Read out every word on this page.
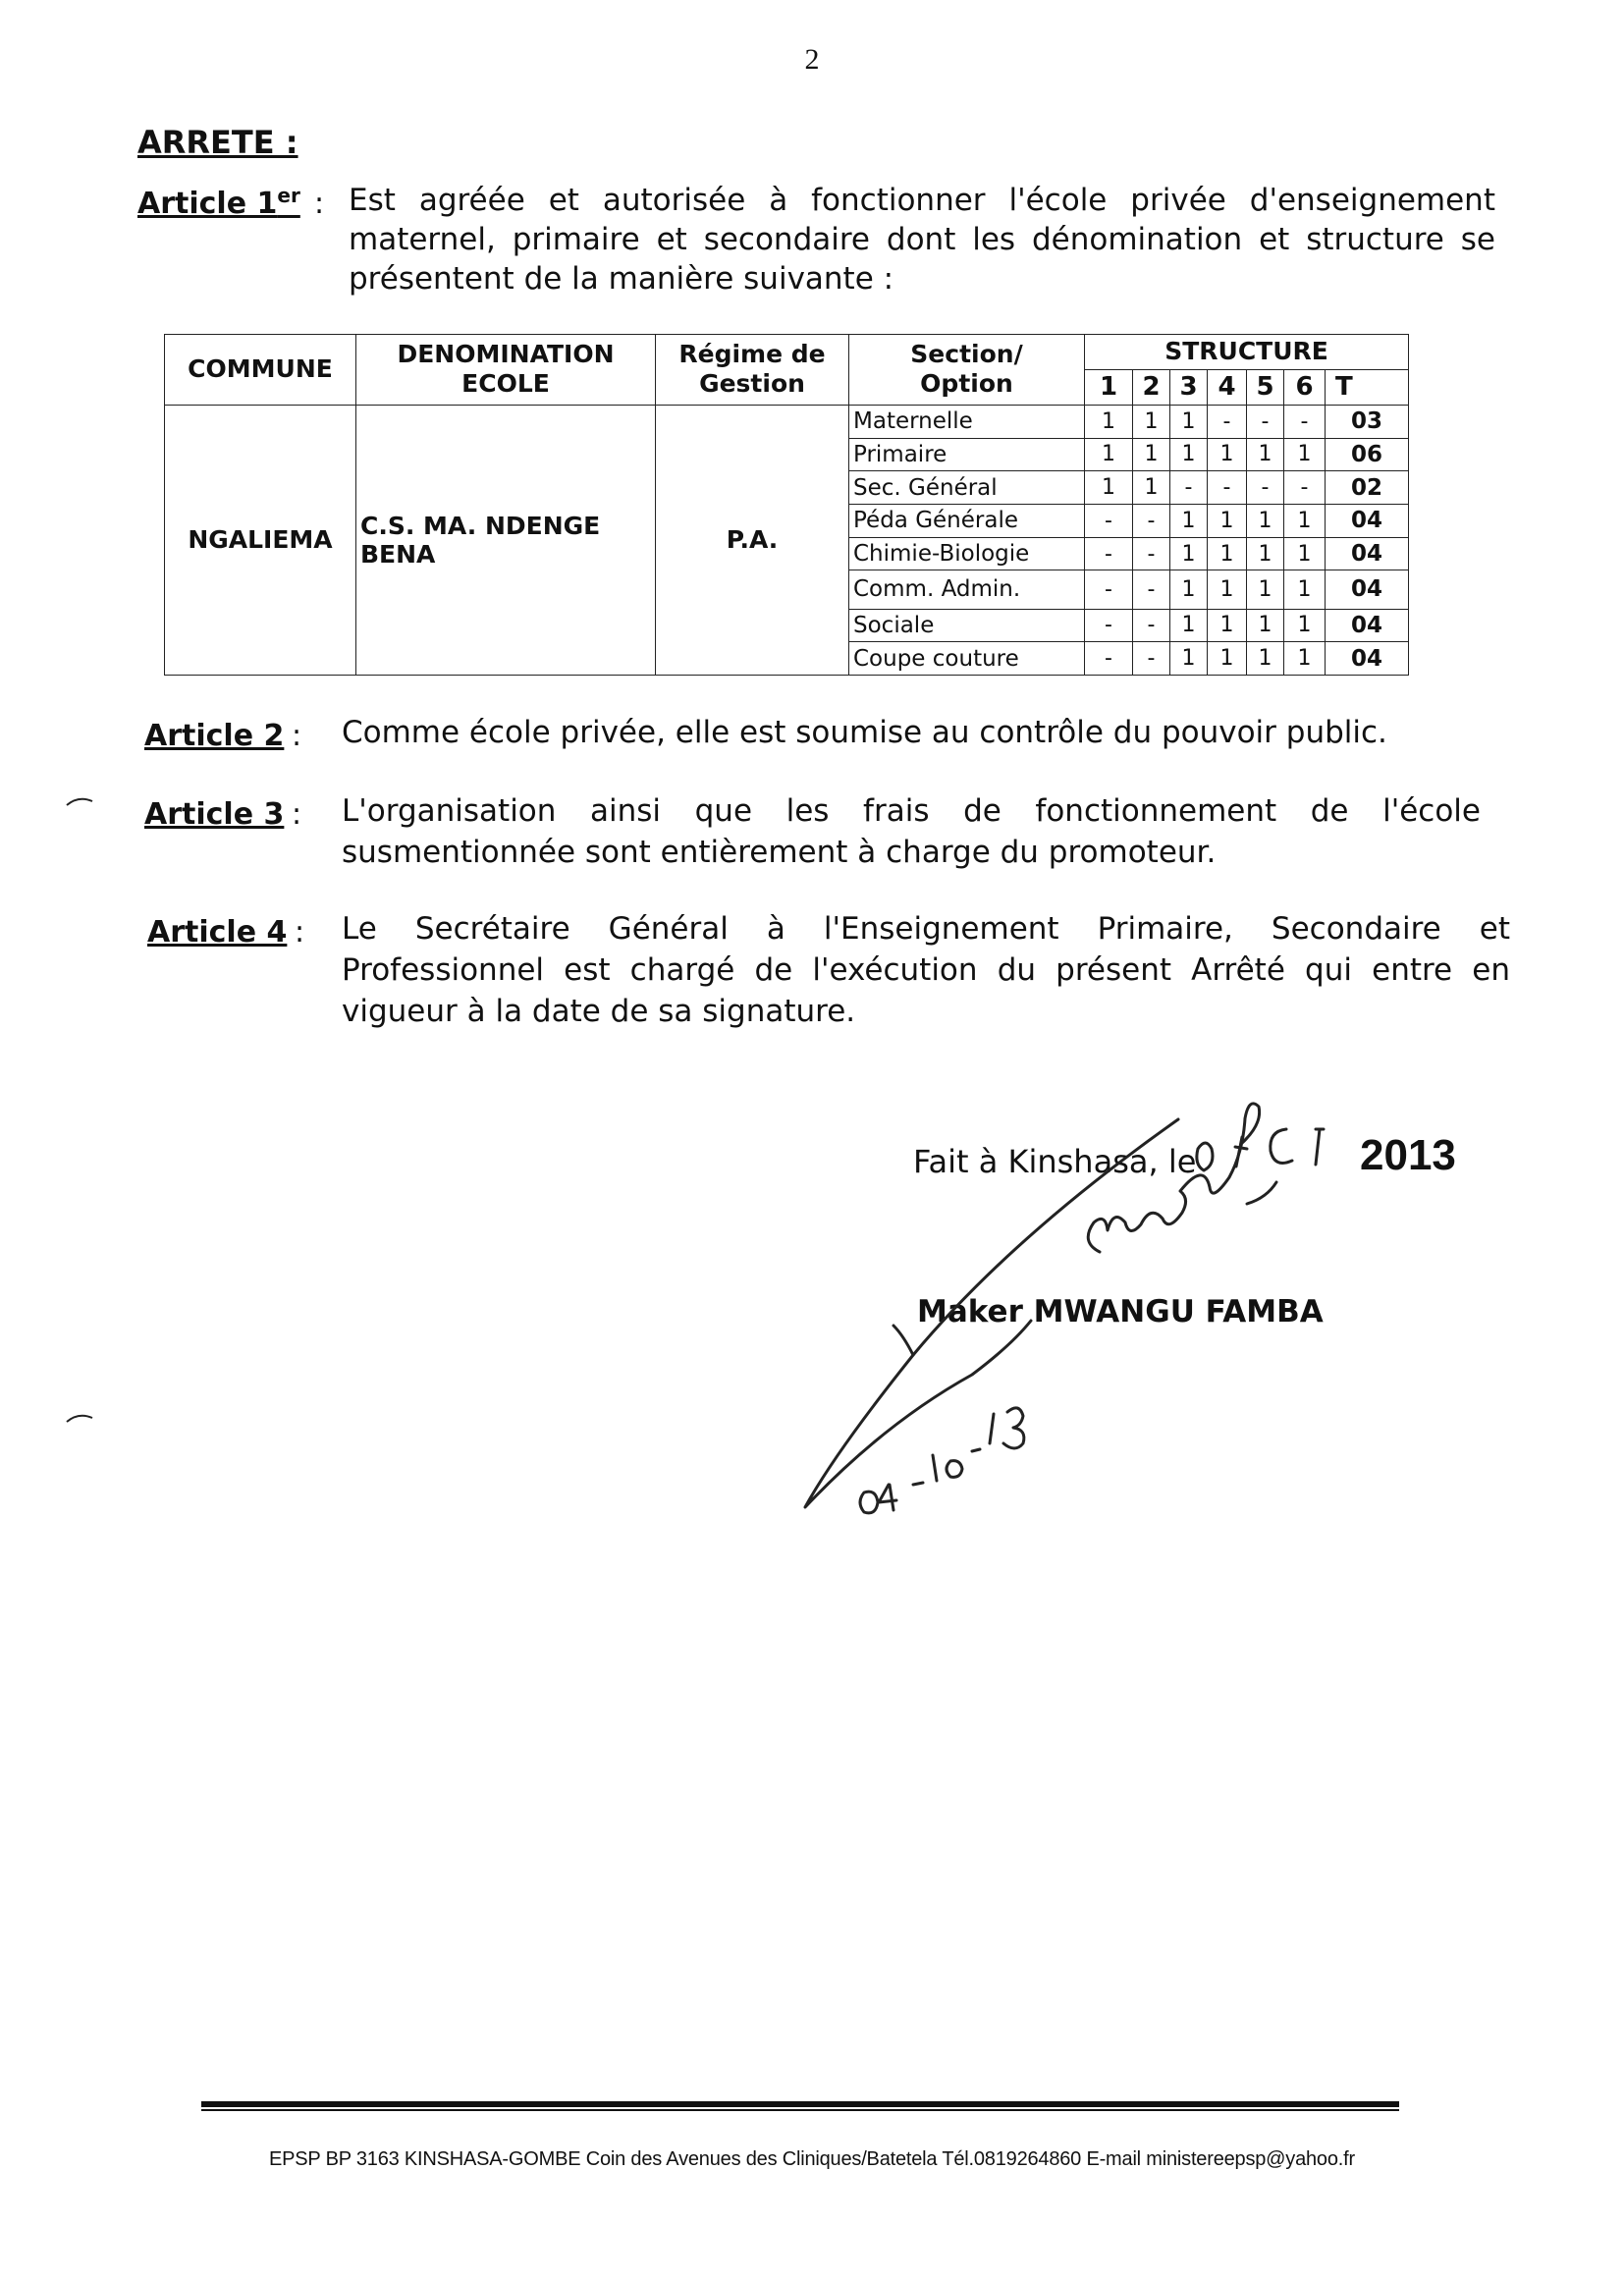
2
ARRETE :
Article 1er : Est agréée et autorisée à fonctionner l'école privée d'enseignement maternel, primaire et secondaire dont les dénomination et structure se présentent de la manière suivante :
COMMUNE	DENOMINATION ECOLE	Régime de Gestion	Section/ Option	STRUCTURE						
				1	2	3	4	5	6	T
NGALIEMA	C.S. MA. NDENGE BENA	P.A.	Maternelle	1	1	1	-	-	-	03
			Primaire	1	1	1	1	1	1	06
			Sec. Général	1	1	-	-	-	-	02
			Péda Générale	-	-	1	1	1	1	04
			Chimie-Biologie	-	-	1	1	1	1	04
			Comm. Admin.	-	-	1	1	1	1	04
			Sociale	-	-	1	1	1	1	04
			Coupe couture	-	-	1	1	1	1	04
Article 2 : Comme école privée, elle est soumise au contrôle du pouvoir public.
Article 3 : L'organisation ainsi que les frais de fonctionnement de l'école susmentionnée sont entièrement à charge du promoteur.
Article 4 : Le Secrétaire Général à l'Enseignement Primaire, Secondaire et Professionnel est chargé de l'exécution du présent Arrêté qui entre en vigueur à la date de sa signature.
Fait à Kinshasa, le	2013
Maker MWANGU FAMBA
EPSP BP 3163 KINSHASA-GOMBE Coin des Avenues des Cliniques/Batetela Tél.0819264860 E-mail ministereepsp@yahoo.fr
